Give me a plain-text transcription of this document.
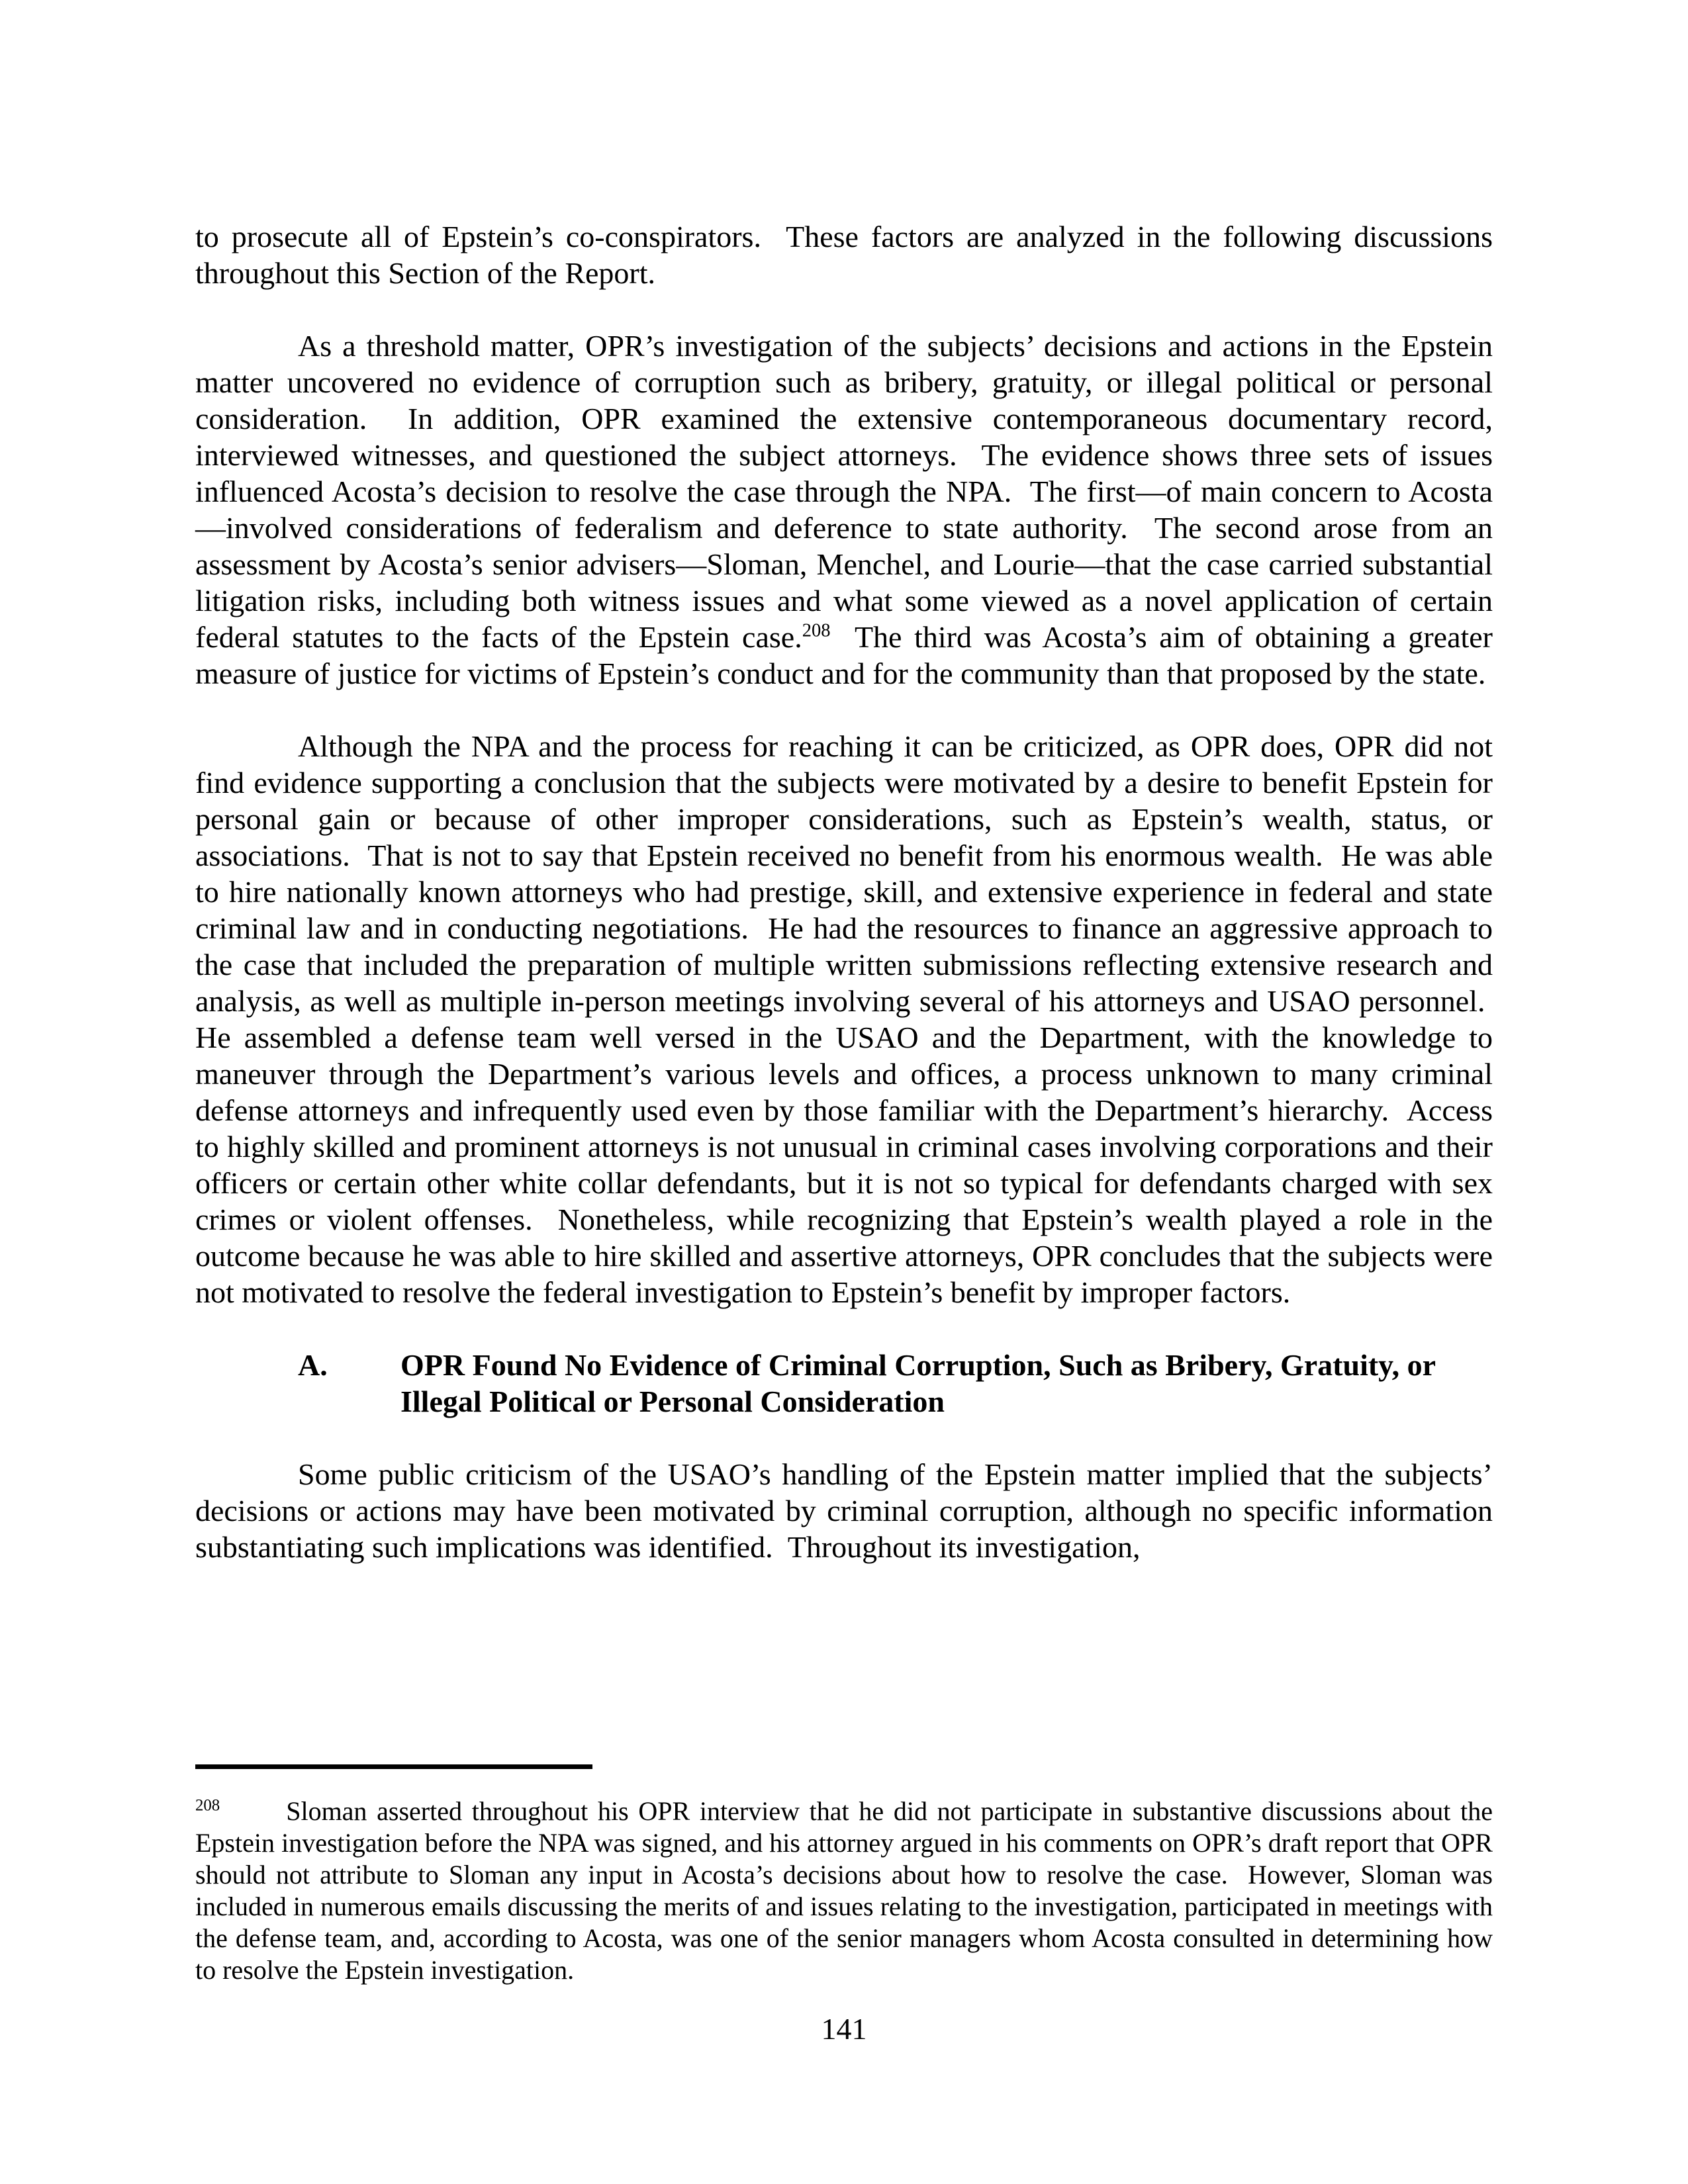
to prosecute all of Epstein’s co-conspirators.  These factors are analyzed in the following discussions throughout this Section of the Report.

As a threshold matter, OPR’s investigation of the subjects’ decisions and actions in the Epstein matter uncovered no evidence of corruption such as bribery, gratuity, or illegal political or personal consideration.  In addition, OPR examined the extensive contemporaneous documentary record, interviewed witnesses, and questioned the subject attorneys.  The evidence shows three sets of issues influenced Acosta’s decision to resolve the case through the NPA.  The first—of main concern to Acosta—involved considerations of federalism and deference to state authority.  The second arose from an assessment by Acosta’s senior advisers—Sloman, Menchel, and Lourie—that the case carried substantial litigation risks, including both witness issues and what some viewed as a novel application of certain federal statutes to the facts of the Epstein case.$^{208}$  The third was Acosta’s aim of obtaining a greater measure of justice for victims of Epstein’s conduct and for the community than that proposed by the state.

Although the NPA and the process for reaching it can be criticized, as OPR does, OPR did not find evidence supporting a conclusion that the subjects were motivated by a desire to benefit Epstein for personal gain or because of other improper considerations, such as Epstein’s wealth, status, or associations.  That is not to say that Epstein received no benefit from his enormous wealth.  He was able to hire nationally known attorneys who had prestige, skill, and extensive experience in federal and state criminal law and in conducting negotiations.  He had the resources to finance an aggressive approach to the case that included the preparation of multiple written submissions reflecting extensive research and analysis, as well as multiple in-person meetings involving several of his attorneys and USAO personnel.  He assembled a defense team well versed in the USAO and the Department, with the knowledge to maneuver through the Department’s various levels and offices, a process unknown to many criminal defense attorneys and infrequently used even by those familiar with the Department’s hierarchy.  Access to highly skilled and prominent attorneys is not unusual in criminal cases involving corporations and their officers or certain other white collar defendants, but it is not so typical for defendants charged with sex crimes or violent offenses.  Nonetheless, while recognizing that Epstein’s wealth played a role in the outcome because he was able to hire skilled and assertive attorneys, OPR concludes that the subjects were not motivated to resolve the federal investigation to Epstein’s benefit by improper factors.

A.	OPR Found No Evidence of Criminal Corruption, Such as Bribery, Gratuity, or Illegal Political or Personal Consideration

Some public criticism of the USAO’s handling of the Epstein matter implied that the subjects’ decisions or actions may have been motivated by criminal corruption, although no specific information substantiating such implications was identified.  Throughout its investigation,

$^{208}$	Sloman asserted throughout his OPR interview that he did not participate in substantive discussions about the Epstein investigation before the NPA was signed, and his attorney argued in his comments on OPR’s draft report that OPR should not attribute to Sloman any input in Acosta’s decisions about how to resolve the case.  However, Sloman was included in numerous emails discussing the merits of and issues relating to the investigation, participated in meetings with the defense team, and, according to Acosta, was one of the senior managers whom Acosta consulted in determining how to resolve the Epstein investigation.

141
